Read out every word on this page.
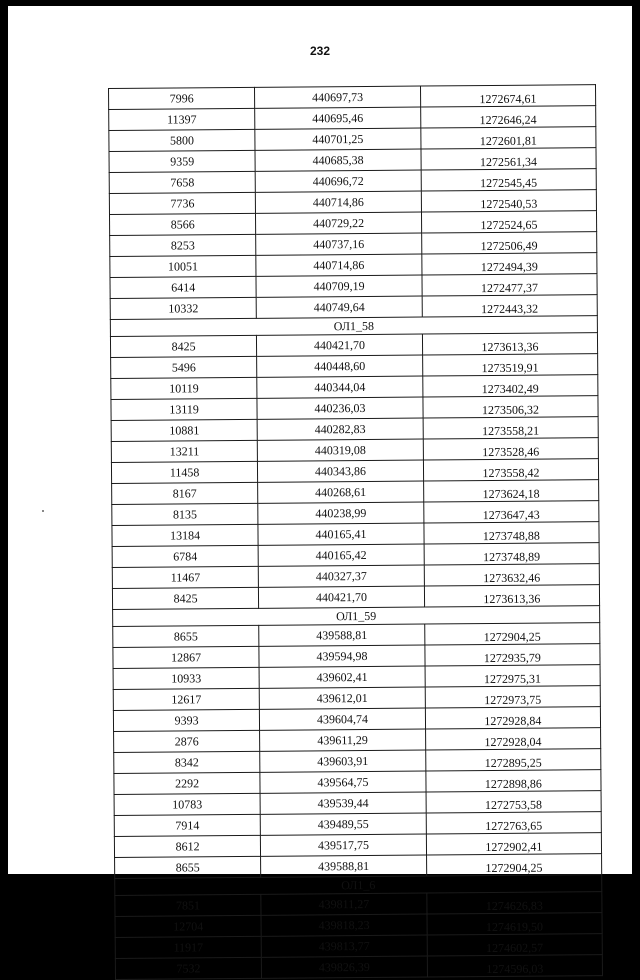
232
7996	440697,73	1272674,61
11397	440695,46	1272646,24
5800	440701,25	1272601,81
9359	440685,38	1272561,34
7658	440696,72	1272545,45
7736	440714,86	1272540,53
8566	440729,22	1272524,65
8253	440737,16	1272506,49
10051	440714,86	1272494,39
6414	440709,19	1272477,37
10332	440749,64	1272443,32
ОЛ1_58		
8425	440421,70	1273613,36
5496	440448,60	1273519,91
10119	440344,04	1273402,49
13119	440236,03	1273506,32
10881	440282,83	1273558,21
13211	440319,08	1273528,46
11458	440343,86	1273558,42
8167	440268,61	1273624,18
8135	440238,99	1273647,43
13184	440165,41	1273748,88
6784	440165,42	1273748,89
11467	440327,37	1273632,46
8425	440421,70	1273613,36
ОЛ1_59		
8655	439588,81	1272904,25
12867	439594,98	1272935,79
10933	439602,41	1272975,31
12617	439612,01	1272973,75
9393	439604,74	1272928,84
2876	439611,29	1272928,04
8342	439603,91	1272895,25
2292	439564,75	1272898,86
10783	439539,44	1272753,58
7914	439489,55	1272763,65
8612	439517,75	1272902,41
8655	439588,81	1272904,25
ОЛ1_6		
7851	439811,27	1274626,83
12704	439818,23	1274619,50
11917	439813,77	1274602,57
7532	439826,39	1274596,03
